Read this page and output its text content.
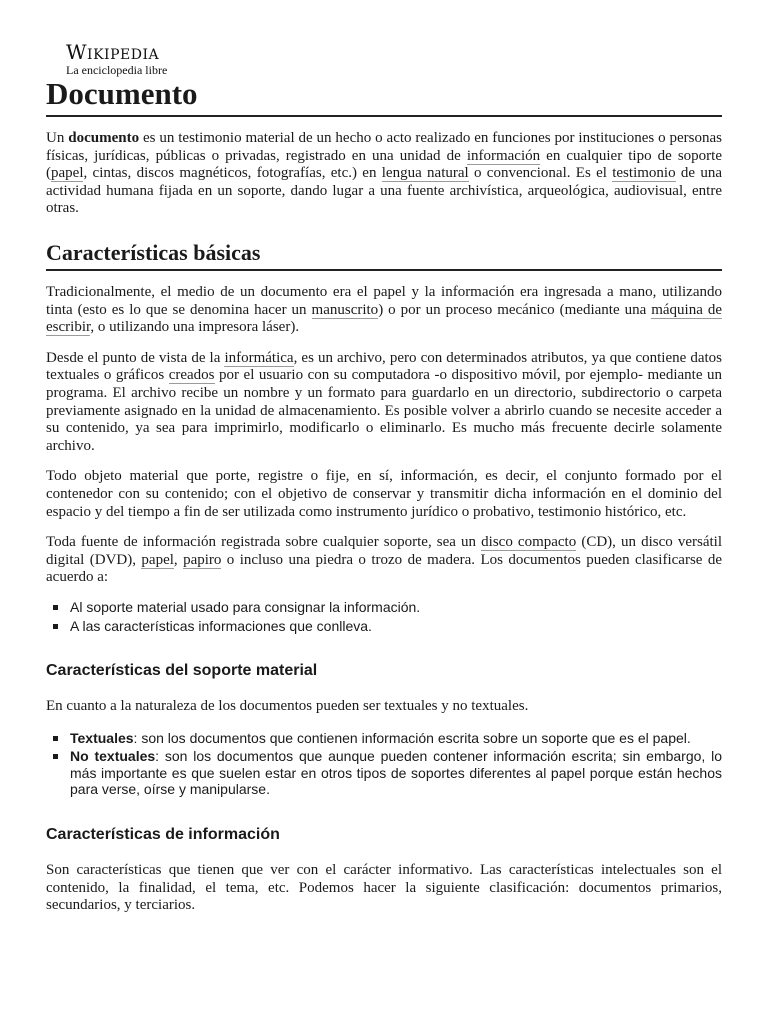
Wikipedia
La enciclopedia libre
Documento

Un documento es un testimonio material de un hecho o acto realizado en funciones por instituciones o personas físicas, jurídicas, públicas o privadas, registrado en una unidad de información en cualquier tipo de soporte (papel, cintas, discos magnéticos, fotografías, etc.) en lengua natural o convencional. Es el testimonio de una actividad humana fijada en un soporte, dando lugar a una fuente archivística, arqueológica, audiovisual, entre otras.

Características básicas

Tradicionalmente, el medio de un documento era el papel y la información era ingresada a mano, utilizando tinta (esto es lo que se denomina hacer un manuscrito) o por un proceso mecánico (mediante una máquina de escribir, o utilizando una impresora láser).

Desde el punto de vista de la informática, es un archivo, pero con determinados atributos, ya que contiene datos textuales o gráficos creados por el usuario con su computadora -o dispositivo móvil, por ejemplo- mediante un programa. El archivo recibe un nombre y un formato para guardarlo en un directorio, subdirectorio o carpeta previamente asignado en la unidad de almacenamiento. Es posible volver a abrirlo cuando se necesite acceder a su contenido, ya sea para imprimirlo, modificarlo o eliminarlo. Es mucho más frecuente decirle solamente archivo.

Todo objeto material que porte, registre o fije, en sí, información, es decir, el conjunto formado por el contenedor con su contenido; con el objetivo de conservar y transmitir dicha información en el dominio del espacio y del tiempo a fin de ser utilizada como instrumento jurídico o probativo, testimonio histórico, etc.

Toda fuente de información registrada sobre cualquier soporte, sea un disco compacto (CD), un disco versátil digital (DVD), papel, papiro o incluso una piedra o trozo de madera. Los documentos pueden clasificarse de acuerdo a:

Al soporte material usado para consignar la información.
A las características informaciones que conlleva.
Características del soporte material

En cuanto a la naturaleza de los documentos pueden ser textuales y no textuales.

Textuales: son los documentos que contienen información escrita sobre un soporte que es el papel.
No textuales: son los documentos que aunque pueden contener información escrita; sin embargo, lo más importante es que suelen estar en otros tipos de soportes diferentes al papel porque están hechos para verse, oírse y manipularse.
Características de información

Son características que tienen que ver con el carácter informativo. Las características intelectuales son el contenido, la finalidad, el tema, etc. Podemos hacer la siguiente clasificación: documentos primarios, secundarios, y terciarios.
